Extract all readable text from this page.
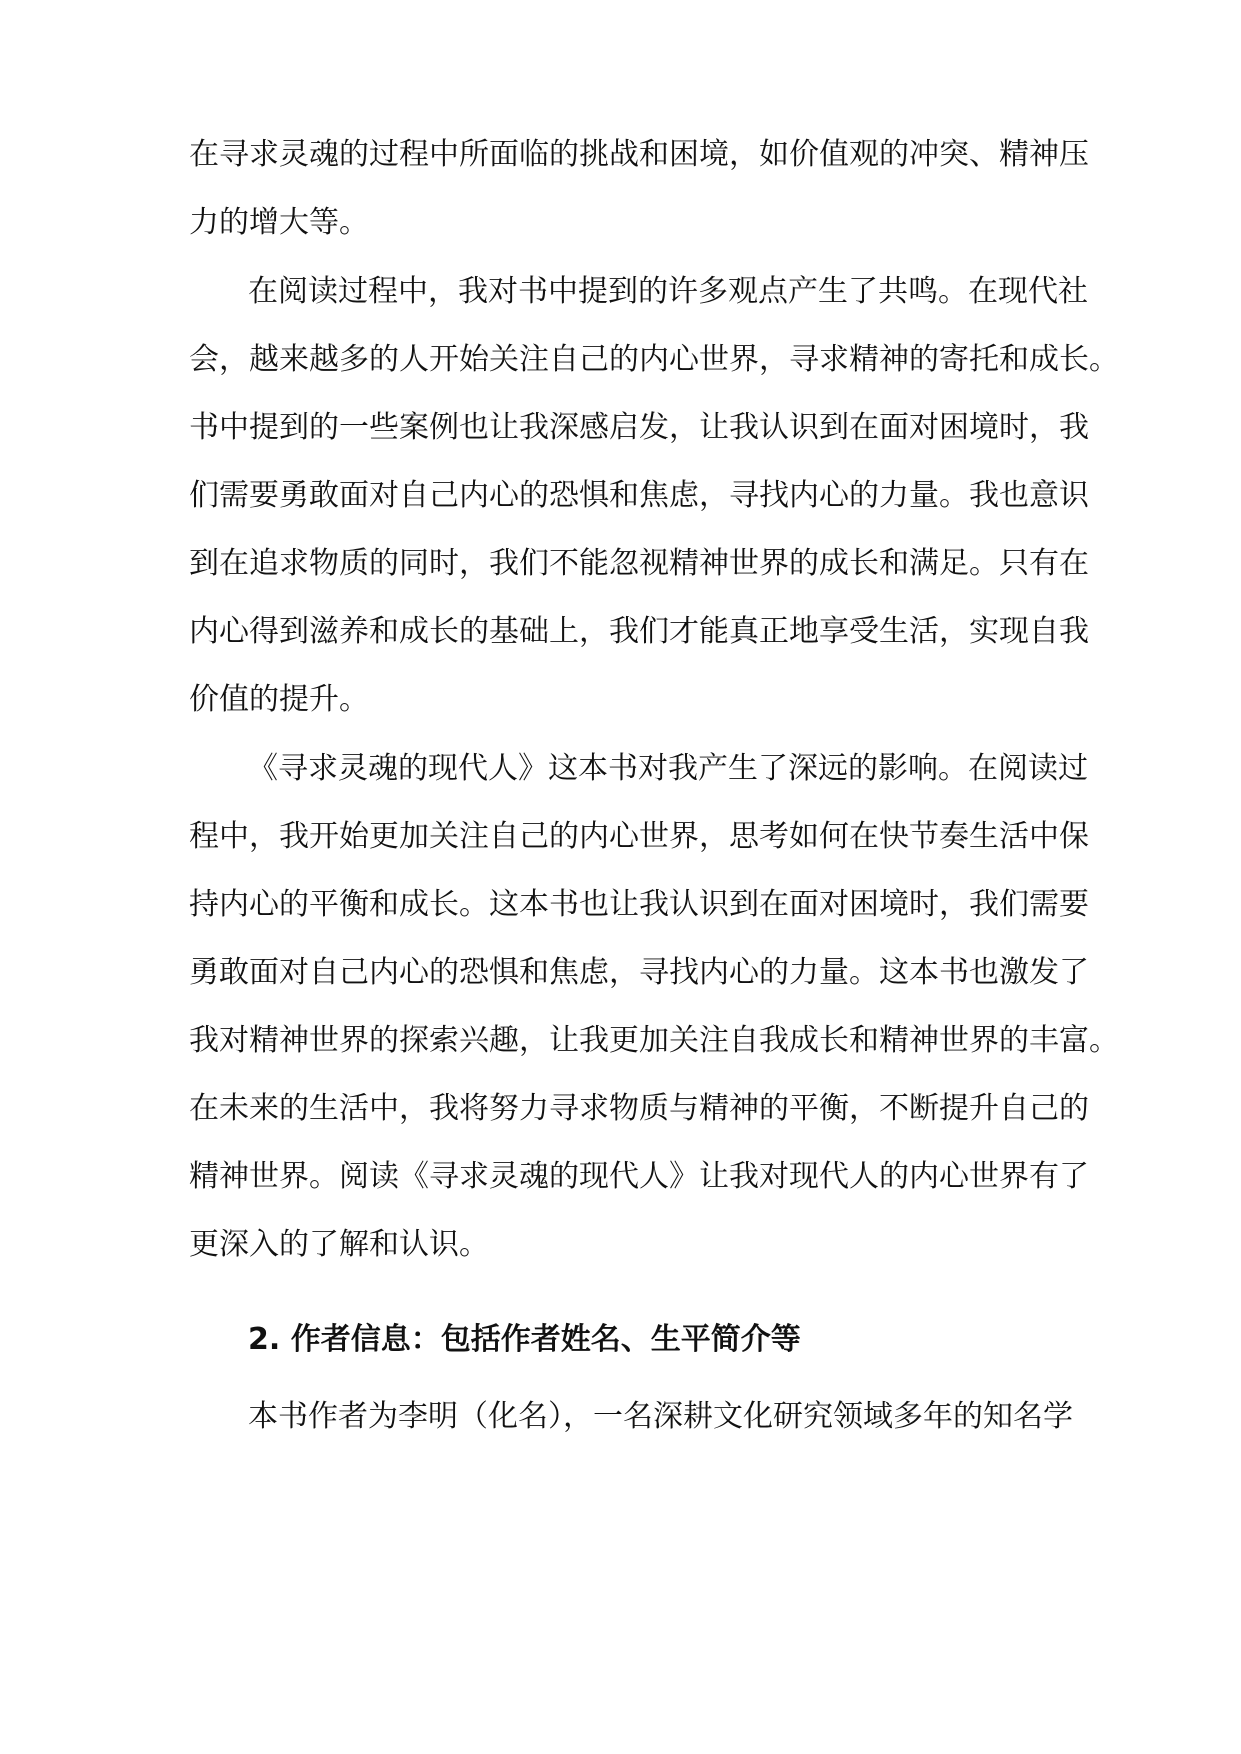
在寻求灵魂的过程中所面临的挑战和困境，如价值观的冲突、精神压
力的增大等。
在阅读过程中，我对书中提到的许多观点产生了共鸣。在现代社
会，越来越多的人开始关注自己的内心世界，寻求精神的寄托和成长。
书中提到的一些案例也让我深感启发，让我认识到在面对困境时，我
们需要勇敢面对自己内心的恐惧和焦虑，寻找内心的力量。我也意识
到在追求物质的同时，我们不能忽视精神世界的成长和满足。只有在
内心得到滋养和成长的基础上，我们才能真正地享受生活，实现自我
价值的提升。
《寻求灵魂的现代人》这本书对我产生了深远的影响。在阅读过
程中，我开始更加关注自己的内心世界，思考如何在快节奏生活中保
持内心的平衡和成长。这本书也让我认识到在面对困境时，我们需要
勇敢面对自己内心的恐惧和焦虑，寻找内心的力量。这本书也激发了
我对精神世界的探索兴趣，让我更加关注自我成长和精神世界的丰富。
在未来的生活中，我将努力寻求物质与精神的平衡，不断提升自己的
精神世界。阅读《寻求灵魂的现代人》让我对现代人的内心世界有了
更深入的了解和认识。
2. 作者信息：包括作者姓名、生平简介等
本书作者为李明（化名），一名深耕文化研究领域多年的知名学
